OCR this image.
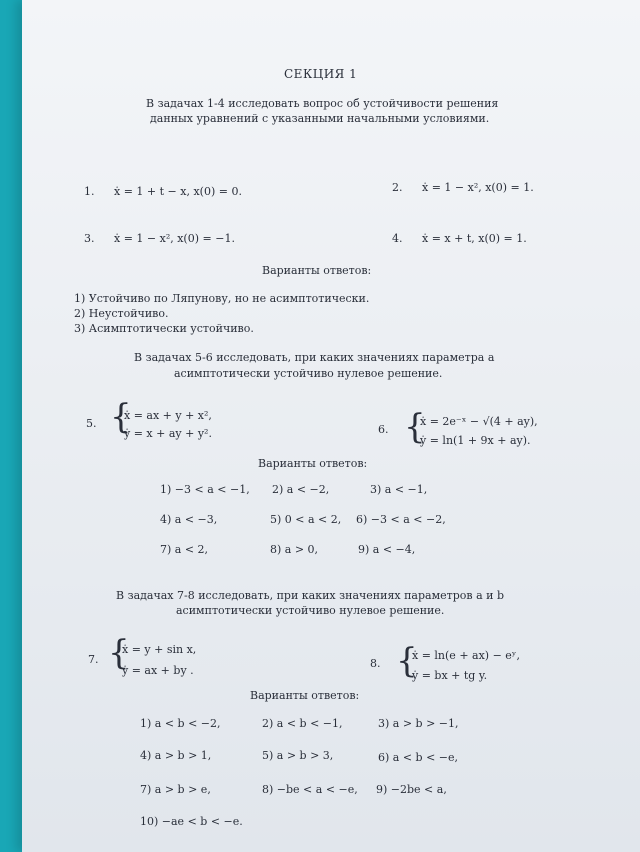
СЕКЦИЯ 1
В задачах 1-4 исследовать вопрос об устойчивости решения
данных уравнений с указанными начальными условиями.
1. ẋ = 1 + t − x, x(0) = 0.	2. ẋ = 1 − x², x(0) = 1.
3. ẋ = 1 − x², x(0) = −1.	4. ẋ = x + t, x(0) = 1.
Варианты ответов:
1) Устойчиво по Ляпунову, но не асимптотически.
2) Неустойчиво.
3) Асимптотически устойчиво.
В задачах 5-6 исследовать, при каких значениях параметра a
асимптотически устойчиво нулевое решение.
5. {
ẋ = ax + y + x²,
ẏ = x + ay + y².	6. {
ẋ = 2e⁻ˣ − √(4 + ay),
ẏ = ln(1 + 9x + ay).
Варианты ответов:
1) −3 < a < −1, 2) a < −2,	3) a < −1,
4) a < −3,	5) 0 < a < 2, 6) −3 < a < −2,
7) a < 2,	8) a > 0,	9) a < −4,
В задачах 7-8 исследовать, при каких значениях параметров a и b
асимптотически устойчиво нулевое решение.
7. {
ẋ = y + sin x,
ẏ = ax + by .
8. {
ẋ = ln(e + ax) − eʸ,
ẏ = bx + tg y.
Варианты ответов:
1) a < b < −2,	2) a < b < −1,	3) a > b > −1,
4) a > b > 1,	5) a > b > 3,	6) a < b < −e,
7) a > b > e,	8) −be < a < −e, 9) −2be < a,
10) −ae < b < −e.
